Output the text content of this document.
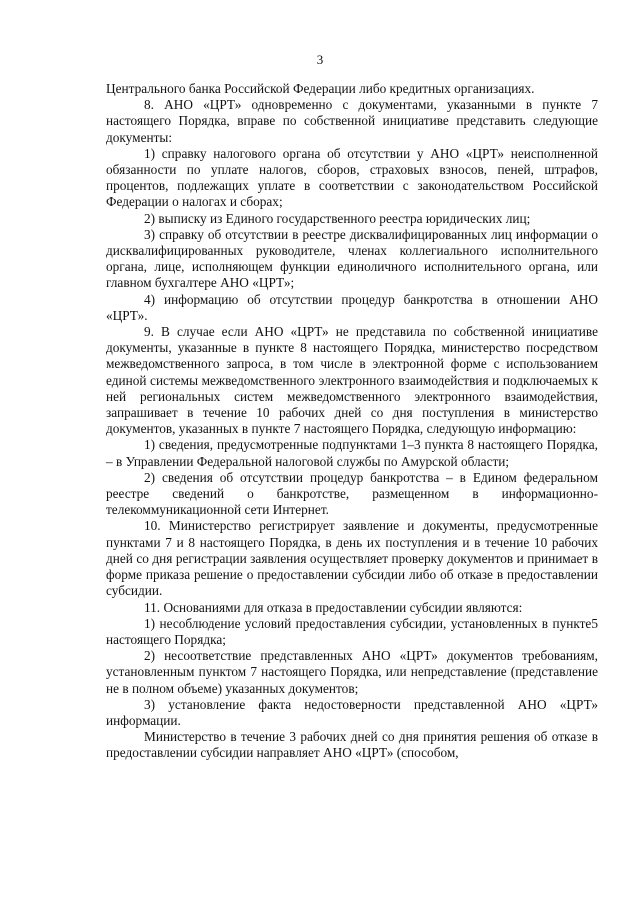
3

Центрального банка Российской Федерации либо кредитных организациях.

8. АНО «ЦРТ» одновременно с документами, указанными в пункте 7 настоящего Порядка, вправе по собственной инициативе представить следующие документы:

1) справку налогового органа об отсутствии у АНО «ЦРТ» неисполненной обязанности по уплате налогов, сборов, страховых взносов, пеней, штрафов, процентов, подлежащих уплате в соответствии с законодательством Российской Федерации о налогах и сборах;

2) выписку из Единого государственного реестра юридических лиц;

3) справку об отсутствии в реестре дисквалифицированных лиц информации о дисквалифицированных руководителе, членах коллегиального исполнительного органа, лице, исполняющем функции единоличного исполнительного органа, или главном бухгалтере АНО «ЦРТ»;

4) информацию об отсутствии процедур банкротства в отношении АНО «ЦРТ».

9. В случае если АНО «ЦРТ» не представила по собственной инициативе документы, указанные в пункте 8 настоящего Порядка, министерство посредством межведомственного запроса, в том числе в электронной форме с использованием единой системы межведомственного электронного взаимодействия и подключаемых к ней региональных систем межведомственного электронного взаимодействия, запрашивает в течение 10 рабочих дней со дня поступления в министерство документов, указанных в пункте 7 настоящего Порядка, следующую информацию:

1) сведения, предусмотренные подпунктами 1–3 пункта 8 настоящего Порядка, – в Управлении Федеральной налоговой службы по Амурской области;

2) сведения об отсутствии процедур банкротства – в Едином федеральном реестре сведений о банкротстве, размещенном в информационно-телекоммуникационной сети Интернет.

10. Министерство регистрирует заявление и документы, предусмотренные пунктами 7 и 8 настоящего Порядка, в день их поступления и в течение 10 рабочих дней со дня регистрации заявления осуществляет проверку документов и принимает в форме приказа решение о предоставлении субсидии либо об отказе в предоставлении субсидии.

11. Основаниями для отказа в предоставлении субсидии являются:

1) несоблюдение условий предоставления субсидии, установленных в пункте5 настоящего Порядка;

2) несоответствие представленных АНО «ЦРТ» документов требованиям, установленным пунктом 7 настоящего Порядка, или непредставление (представление не в полном объеме) указанных документов;

3) установление факта недостоверности представленной АНО «ЦРТ» информации.

Министерство в течение 3 рабочих дней со дня принятия решения об отказе в предоставлении субсидии направляет АНО «ЦРТ» (способом,
